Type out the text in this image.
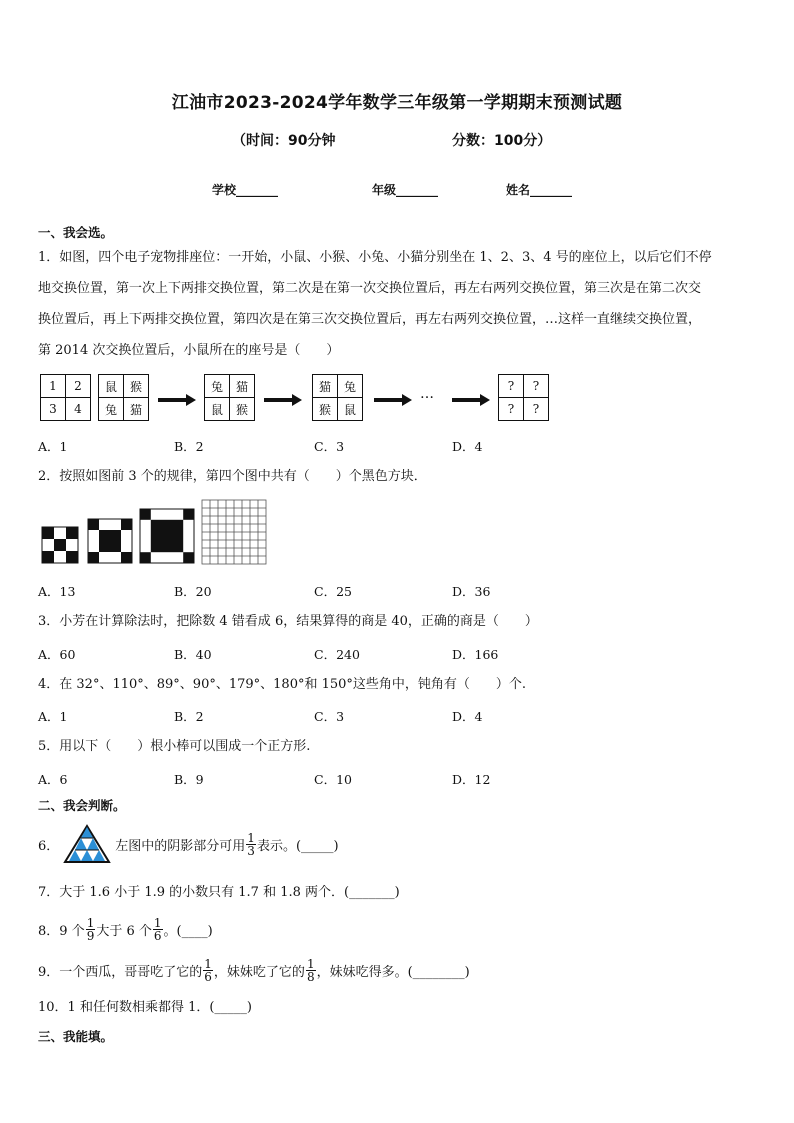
江油市2023-2024学年数学三年级第一学期期末预测试题
（时间：90分钟	分数：100分）
学校_______	年级_______	姓名_______
一、我会选。
1．如图，四个电子宠物排座位：一开始，小鼠、小猴、小兔、小猫分别坐在 1、2、3、4 号的座位上，以后它们不停
地交换位置，第一次上下两排交换位置，第二次是在第一次交换位置后，再左右两列交换位置，第三次是在第二次交
换位置后，再上下两排交换位置，第四次是在第三次交换位置后，再左右两列交换位置，…这样一直继续交换位置，
第 2014 次交换位置后，小鼠所在的座号是（　　）
1	2
3	4
鼠	猴
兔	猫
兔	猫
鼠	猴
猫	兔
猴	鼠
…	?	?
?	?
A．1	B．2	C．3	D．4
2．按照如图前 3 个的规律，第四个图中共有（　　）个黑色方块．
A．13	B．20	C．25	D．36
3．小芳在计算除法时，把除数 4 错看成 6，结果算得的商是 40，正确的商是（　　）
A．60	B．40	C．240	D．166
4．在 32°、110°、89°、90°、179°、180°和 150°这些角中，钝角有（　　）个.
A．1	B．2	C．3	D．4
5．用以下（　　）根小棒可以围成一个正方形.
A．6	B．9	C．10	D．12
二、我会判断。
6．	左图中的阴影部分可用 $\frac{1}{3}$ 表示。(_____)
7．大于 1.6 小于 1.9 的小数只有 1.7 和 1.8 两个．(_______)
8．9 个 $\frac{1}{9}$ 大于 6 个 $\frac{1}{6}$ 。(____)
9．一个西瓜，哥哥吃了它的 $\frac{1}{6}$ ，妹妹吃了它的 $\frac{1}{8}$ ，妹妹吃得多。(________)
10．1 和任何数相乘都得 1．(_____)
三、我能填。
